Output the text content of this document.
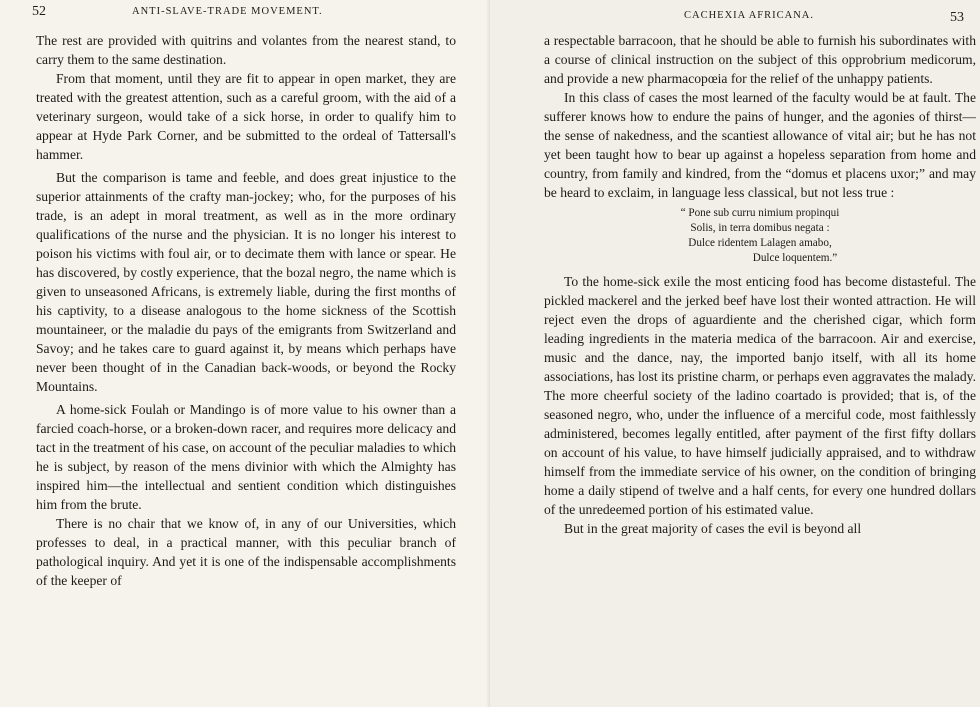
52	ANTI-SLAVE-TRADE MOVEMENT.

The rest are provided with quitrins and volantes from the nearest stand, to carry them to the same destination.

From that moment, until they are fit to appear in open market, they are treated with the greatest attention, such as a careful groom, with the aid of a veterinary surgeon, would take of a sick horse, in order to qualify him to appear at Hyde Park Corner, and be submitted to the ordeal of Tattersall's hammer.

But the comparison is tame and feeble, and does great injustice to the superior attainments of the crafty man-jockey; who, for the purposes of his trade, is an adept in moral treatment, as well as in the more ordinary qualifications of the nurse and the physician. It is no longer his interest to poison his victims with foul air, or to decimate them with lance or spear. He has discovered, by costly experience, that the bozal negro, the name which is given to unseasoned Africans, is extremely liable, during the first months of his captivity, to a disease analogous to the home sickness of the Scottish mountaineer, or the maladie du pays of the emigrants from Switzerland and Savoy; and he takes care to guard against it, by means which perhaps have never been thought of in the Canadian back-woods, or beyond the Rocky Mountains.

A home-sick Foulah or Mandingo is of more value to his owner than a farcied coach-horse, or a broken-down racer, and requires more delicacy and tact in the treatment of his case, on account of the peculiar maladies to which he is subject, by reason of the mens divinior with which the Almighty has inspired him—the intellectual and sentient condition which distinguishes him from the brute.

There is no chair that we know of, in any of our Universities, which professes to deal, in a practical manner, with this peculiar branch of pathological inquiry. And yet it is one of the indispensable accomplishments of the keeper of

CACHEXIA AFRICANA.	53

a respectable barracoon, that he should be able to furnish his subordinates with a course of clinical instruction on the subject of this opprobrium medicorum, and provide a new pharmacopœia for the relief of the unhappy patients.

In this class of cases the most learned of the faculty would be at fault. The sufferer knows how to endure the pains of hunger, and the agonies of thirst—the sense of nakedness, and the scantiest allowance of vital air; but he has not yet been taught how to bear up against a hopeless separation from home and country, from family and kindred, from the “domus et placens uxor;” and may be heard to exclaim, in language less classical, but not less true :

“ Pone sub curru nimium propinqui
Solis, in terra domibus negata :
Dulce ridentem Lalagen amabo,
Dulce loquentem.”

To the home-sick exile the most enticing food has become distasteful. The pickled mackerel and the jerked beef have lost their wonted attraction. He will reject even the drops of aguardiente and the cherished cigar, which form leading ingredients in the materia medica of the barracoon. Air and exercise, music and the dance, nay, the imported banjo itself, with all its home associations, has lost its pristine charm, or perhaps even aggravates the malady. The more cheerful society of the ladino coartado is provided; that is, of the seasoned negro, who, under the influence of a merciful code, most faithlessly administered, becomes legally entitled, after payment of the first fifty dollars on account of his value, to have himself judicially appraised, and to withdraw himself from the immediate service of his owner, on the condition of bringing home a daily stipend of twelve and a half cents, for every one hundred dollars of the unredeemed portion of his estimated value.

But in the great majority of cases the evil is beyond all
